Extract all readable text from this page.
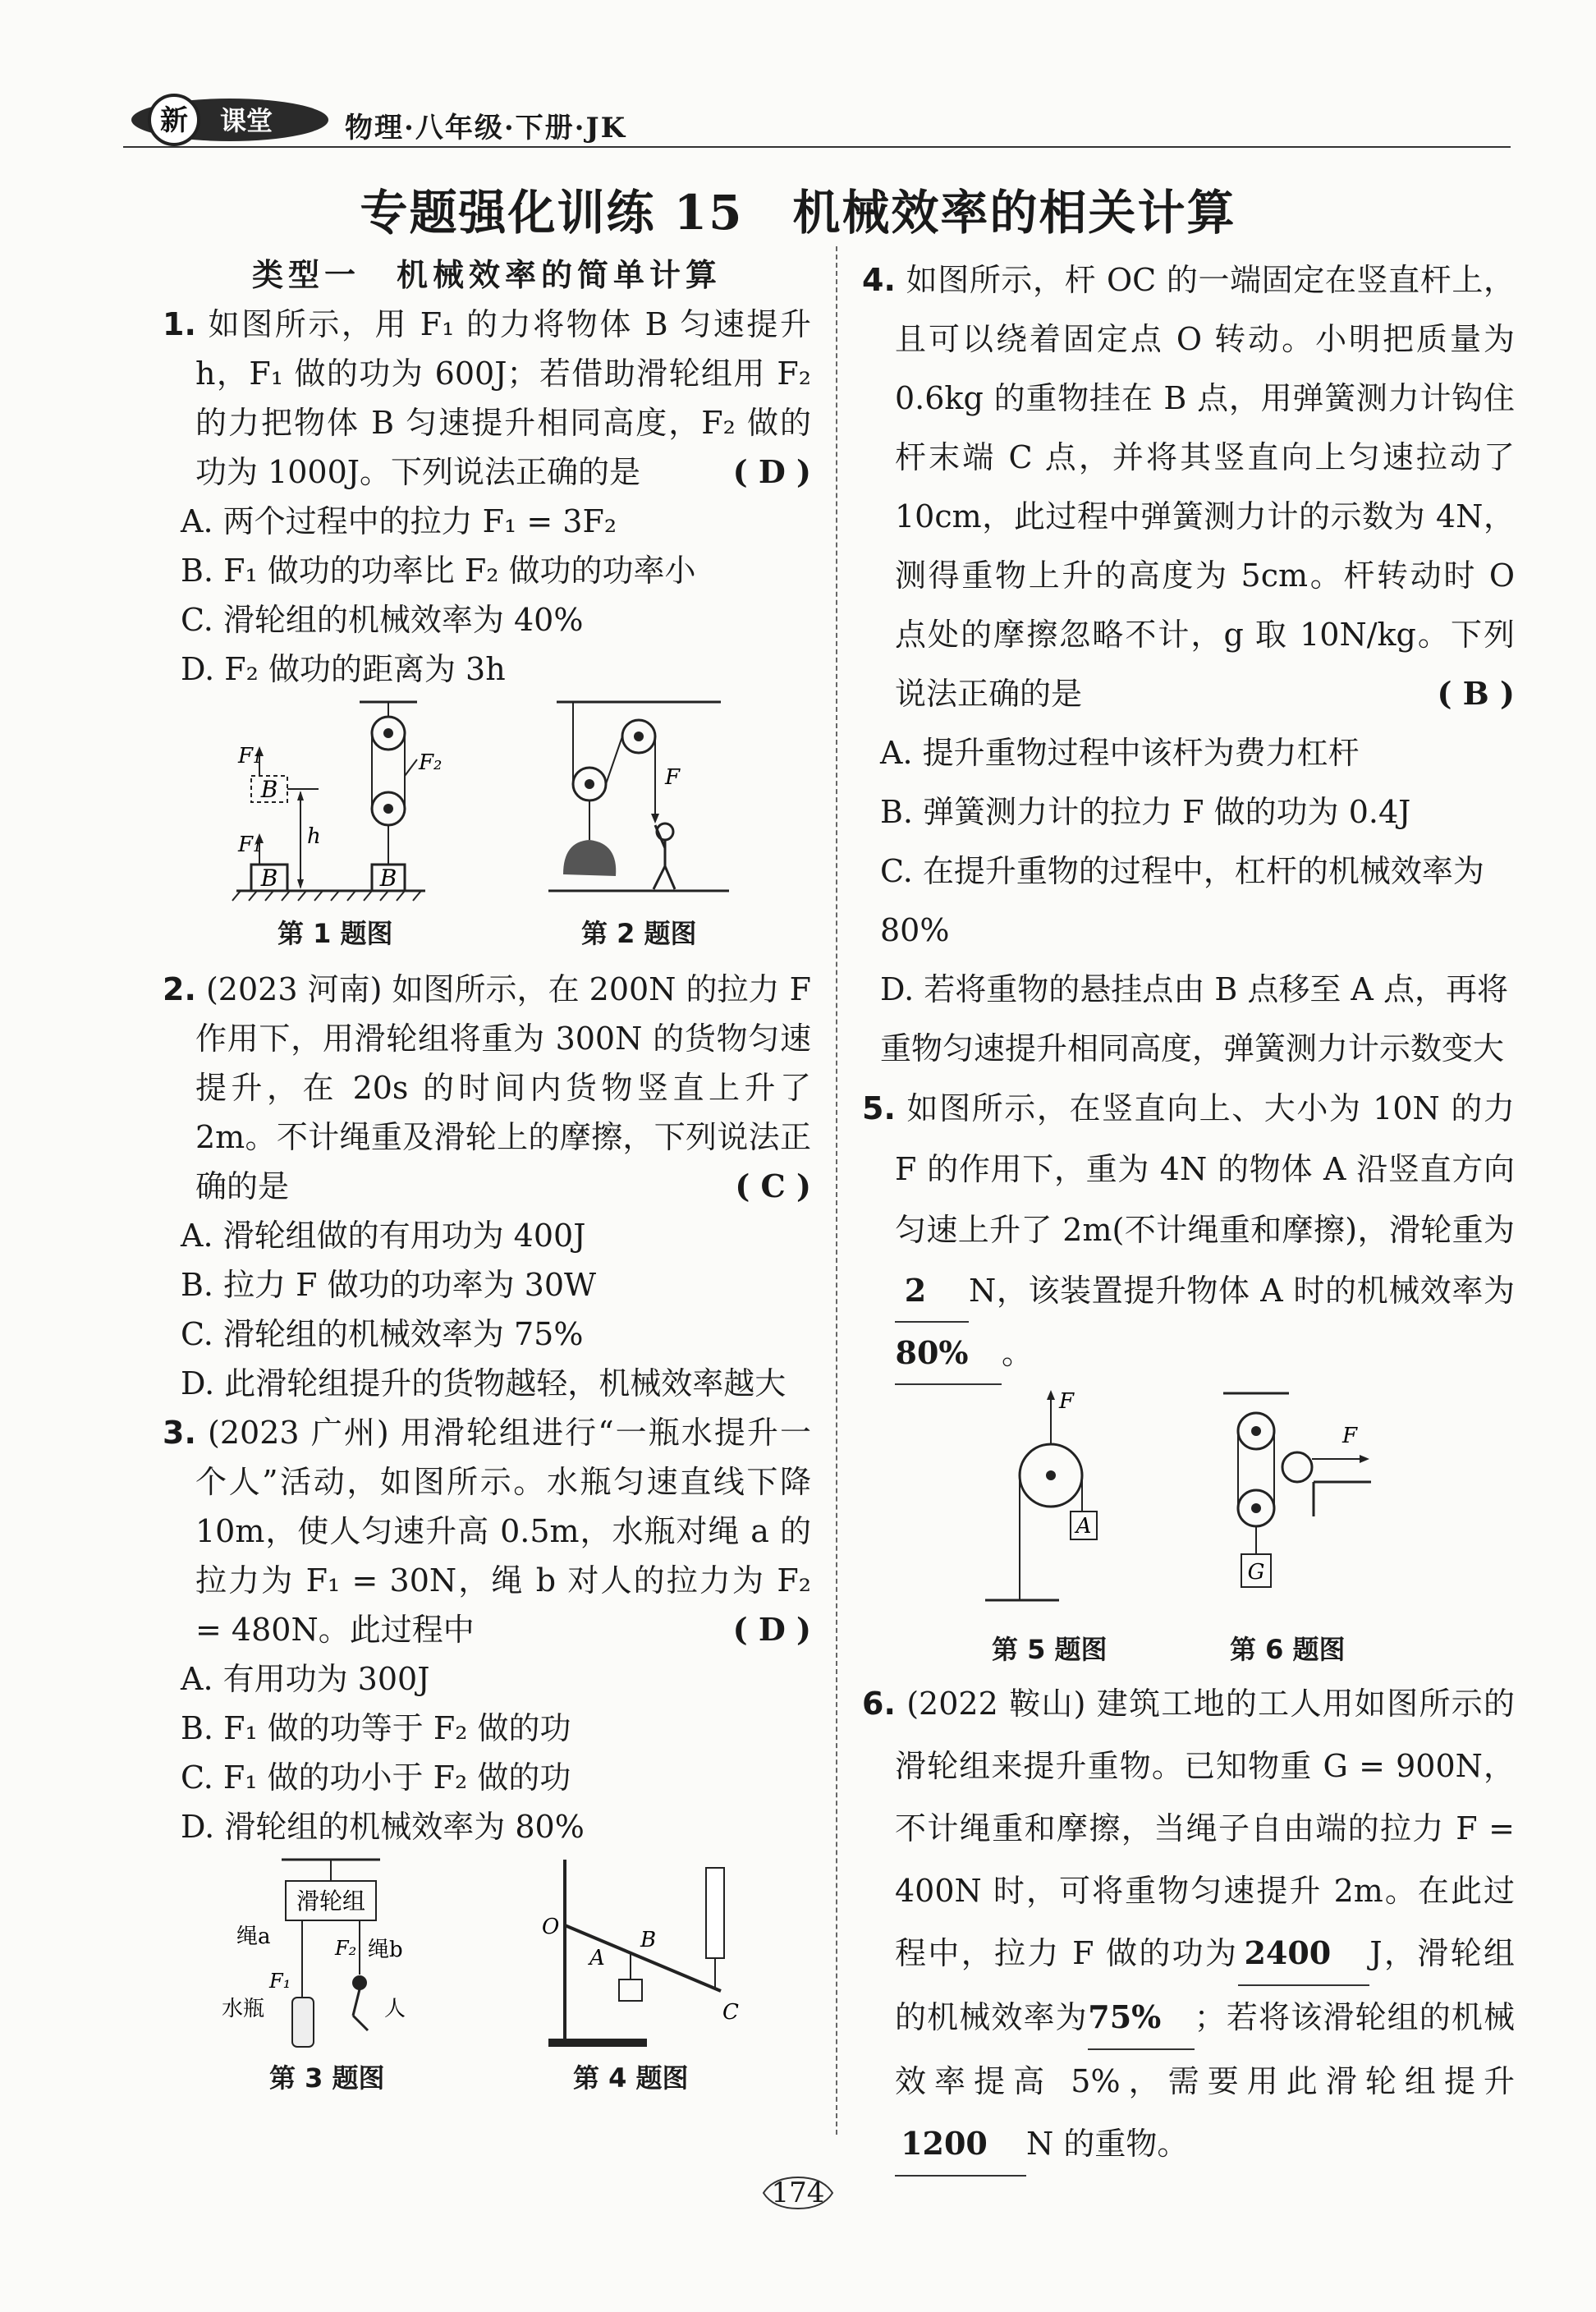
新 课堂	物理·八年级·下册·JK
专题强化训练 15　机械效率的相关计算

类型一　机械效率的简单计算

1. 如图所示，用 F₁ 的力将物体 B 匀速提升 h，F₁ 做的功为 600J；若借助滑轮组用 F₂ 的力把物体 B 匀速提升相同高度，F₂ 做的功为 1000J。下列说法正确的是	( D )

A. 两个过程中的拉力 F₁ = 3F₂

B. F₁ 做功的功率比 F₂ 做功的功率小

C. 滑轮组的机械效率为 40%

D. F₂ 做功的距离为 3h

B
B
F₁
F₁
h
B
F₂
F
第 1 题图	第 2 题图

2. (2023 河南) 如图所示，在 200N 的拉力 F 作用下，用滑轮组将重为 300N 的货物匀速提升，在 20s 的时间内货物竖直上升了 2m。不计绳重及滑轮上的摩擦，下列说法正确的是	( C )

A. 滑轮组做的有用功为 400J

B. 拉力 F 做功的功率为 30W

C. 滑轮组的机械效率为 75%

D. 此滑轮组提升的货物越轻，机械效率越大

3. (2023 广州) 用滑轮组进行“一瓶水提升一个人”活动，如图所示。水瓶匀速直线下降 10m，使人匀速升高 0.5m，水瓶对绳 a 的拉力为 F₁ = 30N，绳 b 对人的拉力为 F₂ = 480N。此过程中	( D )

A. 有用功为 300J

B. F₁ 做的功等于 F₂ 做的功

C. F₁ 做的功小于 F₂ 做的功

D. 滑轮组的机械效率为 80%

滑轮组
绳a
绳b
F₂
F₁
水瓶	人
O
A
B
C
第 3 题图	第 4 题图

4. 如图所示，杆 OC 的一端固定在竖直杆上，且可以绕着固定点 O 转动。小明把质量为 0.6kg 的重物挂在 B 点，用弹簧测力计钩住杆末端 C 点，并将其竖直向上匀速拉动了 10cm，此过程中弹簧测力计的示数为 4N，测得重物上升的高度为 5cm。杆转动时 O 点处的摩擦忽略不计，g 取 10N/kg。下列说法正确的是	( B )

A. 提升重物过程中该杆为费力杠杆

B. 弹簧测力计的拉力 F 做的功为 0.4J

C. 在提升重物的过程中，杠杆的机械效率为 80%

D. 若将重物的悬挂点由 B 点移至 A 点，再将重物匀速提升相同高度，弹簧测力计示数变大

5. 如图所示，在竖直向上、大小为 10N 的力 F 的作用下，重为 4N 的物体 A 沿竖直方向匀速上升了 2m(不计绳重和摩擦)，滑轮重为2 N，该装置提升物体 A 时的机械效率为80% 。

F
A
F
G
第 5 题图	第 6 题图

6. (2022 鞍山) 建筑工地的工人用如图所示的滑轮组来提升重物。已知物重 G = 900N，不计绳重和摩擦，当绳子自由端的拉力 F = 400N 时，可将重物匀速提升 2m。在此过程中，拉力 F 做的功为 2400 J，滑轮组的机械效率为75% ；若将该滑轮组的机械效率提高 5%，需要用此滑轮组提升1200 N 的重物。

174
